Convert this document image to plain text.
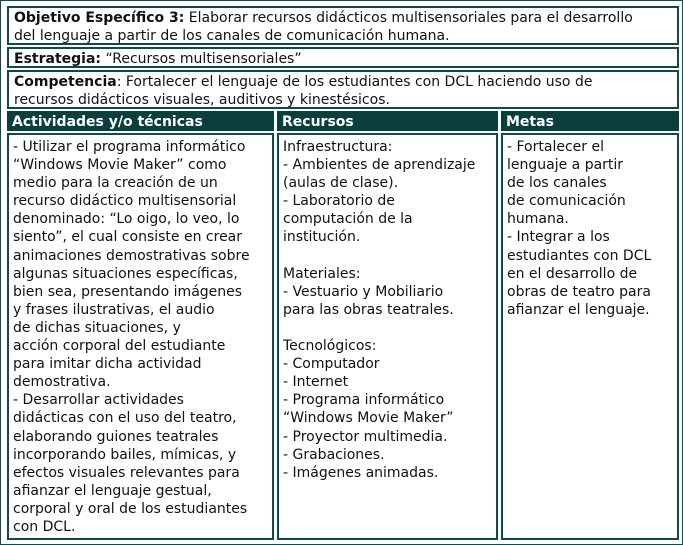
Objetivo Específico 3: Elaborar recursos didácticos multisensoriales para el desarrollo
del lenguaje a partir de los canales de comunicación humana.
Estrategia: “Recursos multisensoriales”
Competencia: Fortalecer el lenguaje de los estudiantes con DCL haciendo uso de
recursos didácticos visuales, auditivos y kinestésicos.
Actividades y/o técnicas	Recursos	Metas
- Utilizar el programa informático
“Windows Movie Maker” como
medio para la creación de un
recurso didáctico multisensorial
denominado: “Lo oigo, lo veo, lo
siento”, el cual consiste en crear
animaciones demostrativas sobre
algunas situaciones específicas,
bien sea, presentando imágenes
y frases ilustrativas, el audio
de dichas situaciones, y
acción corporal del estudiante
para imitar dicha actividad
demostrativa.
- Desarrollar actividades
didácticas con el uso del teatro,
elaborando guiones teatrales
incorporando bailes, mímicas, y
efectos visuales relevantes para
afianzar el lenguaje gestual,
corporal y oral de los estudiantes
con DCL.
Infraestructura:
- Ambientes de aprendizaje
(aulas de clase).
- Laboratorio de
computación de la
institución.

Materiales:
- Vestuario y Mobiliario
para las obras teatrales.

Tecnológicos:
- Computador
- Internet
- Programa informático
“Windows Movie Maker”
- Proyector multimedia.
- Grabaciones.
- Imágenes animadas.
- Fortalecer el
lenguaje a partir
de los canales
de comunicación
humana.
- Integrar a los
estudiantes con DCL
en el desarrollo de
obras de teatro para
afianzar el lenguaje.
